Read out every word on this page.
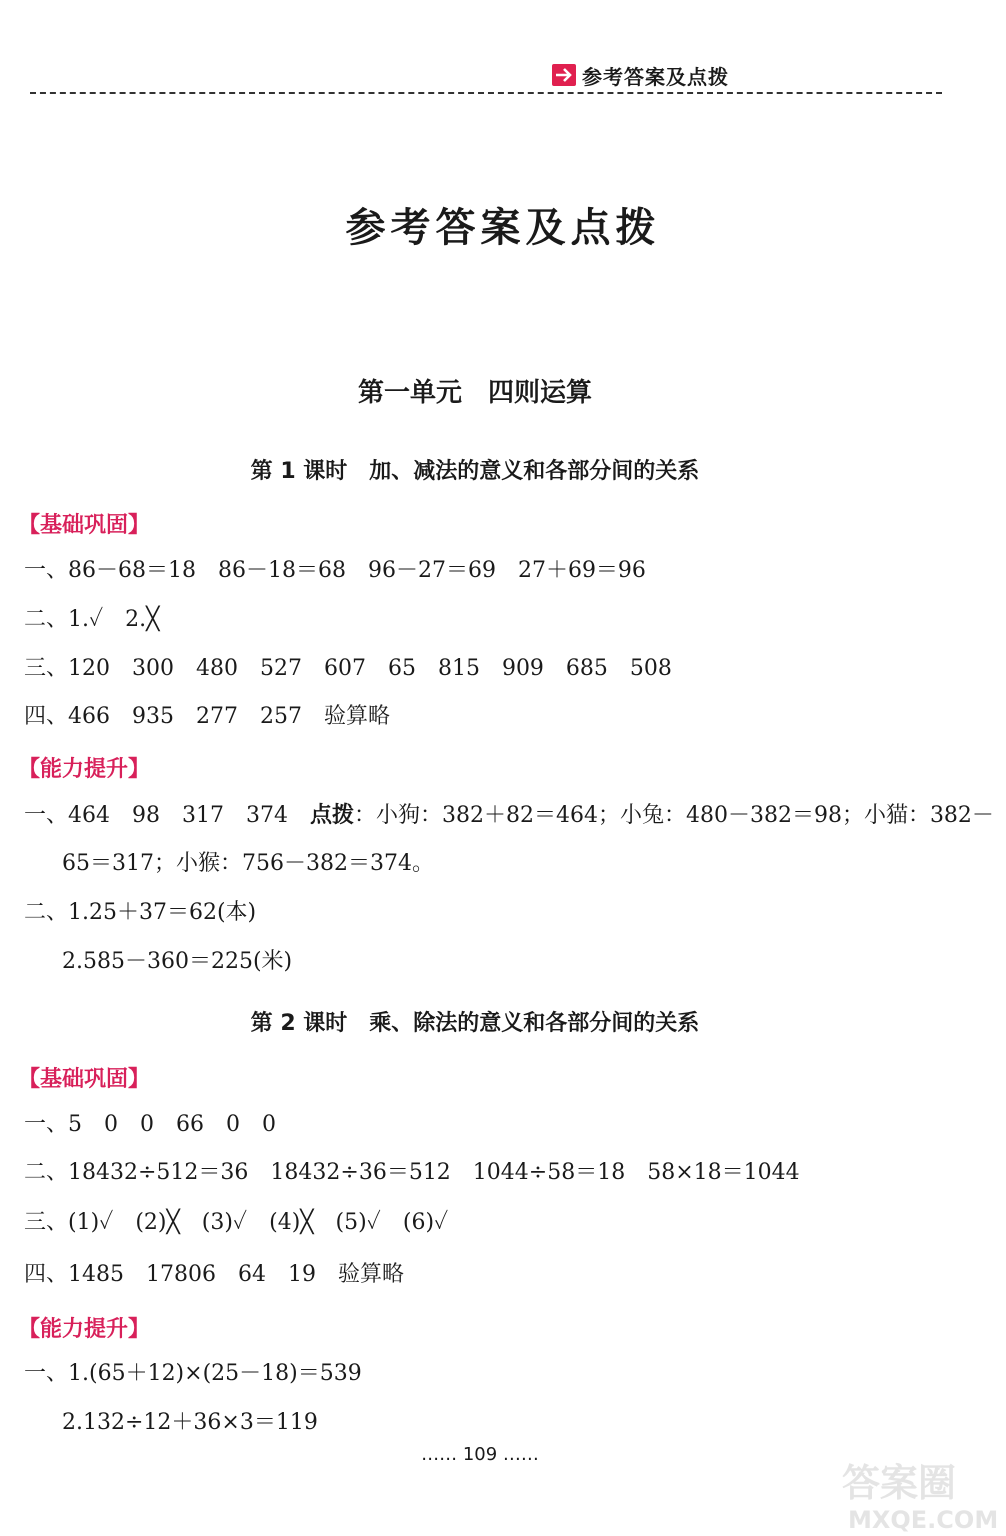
参考答案及点拨
参考答案及点拨
第一单元　四则运算
第 1 课时　加、减法的意义和各部分间的关系
【基础巩固】
一、86－68＝18　86－18＝68　96－27＝69　27＋69＝96
二、1.✓　2.╳
三、120　300　480　527　607　65　815　909　685　508
四、466　935　277　257　验算略
【能力提升】
一、464　98　317　374　点拨：小狗：382＋82＝464；小兔：480－382＝98；小猫：382－
65＝317；小猴：756－382＝374。
二、1.25＋37＝62(本)
2.585－360＝225(米)
第 2 课时　乘、除法的意义和各部分间的关系
【基础巩固】
一、5　0　0　66　0　0
二、18432÷512＝36　18432÷36＝512　1044÷58＝18　58×18＝1044
三、(1)✓　(2)╳　(3)✓　(4)╳　(5)✓　(6)✓
四、1485　17806　64　19　验算略
【能力提升】
一、1.(65＋12)×(25－18)＝539
2.132÷12＋36×3＝119
…… 109 ……
答案圈
MXQE.COM
